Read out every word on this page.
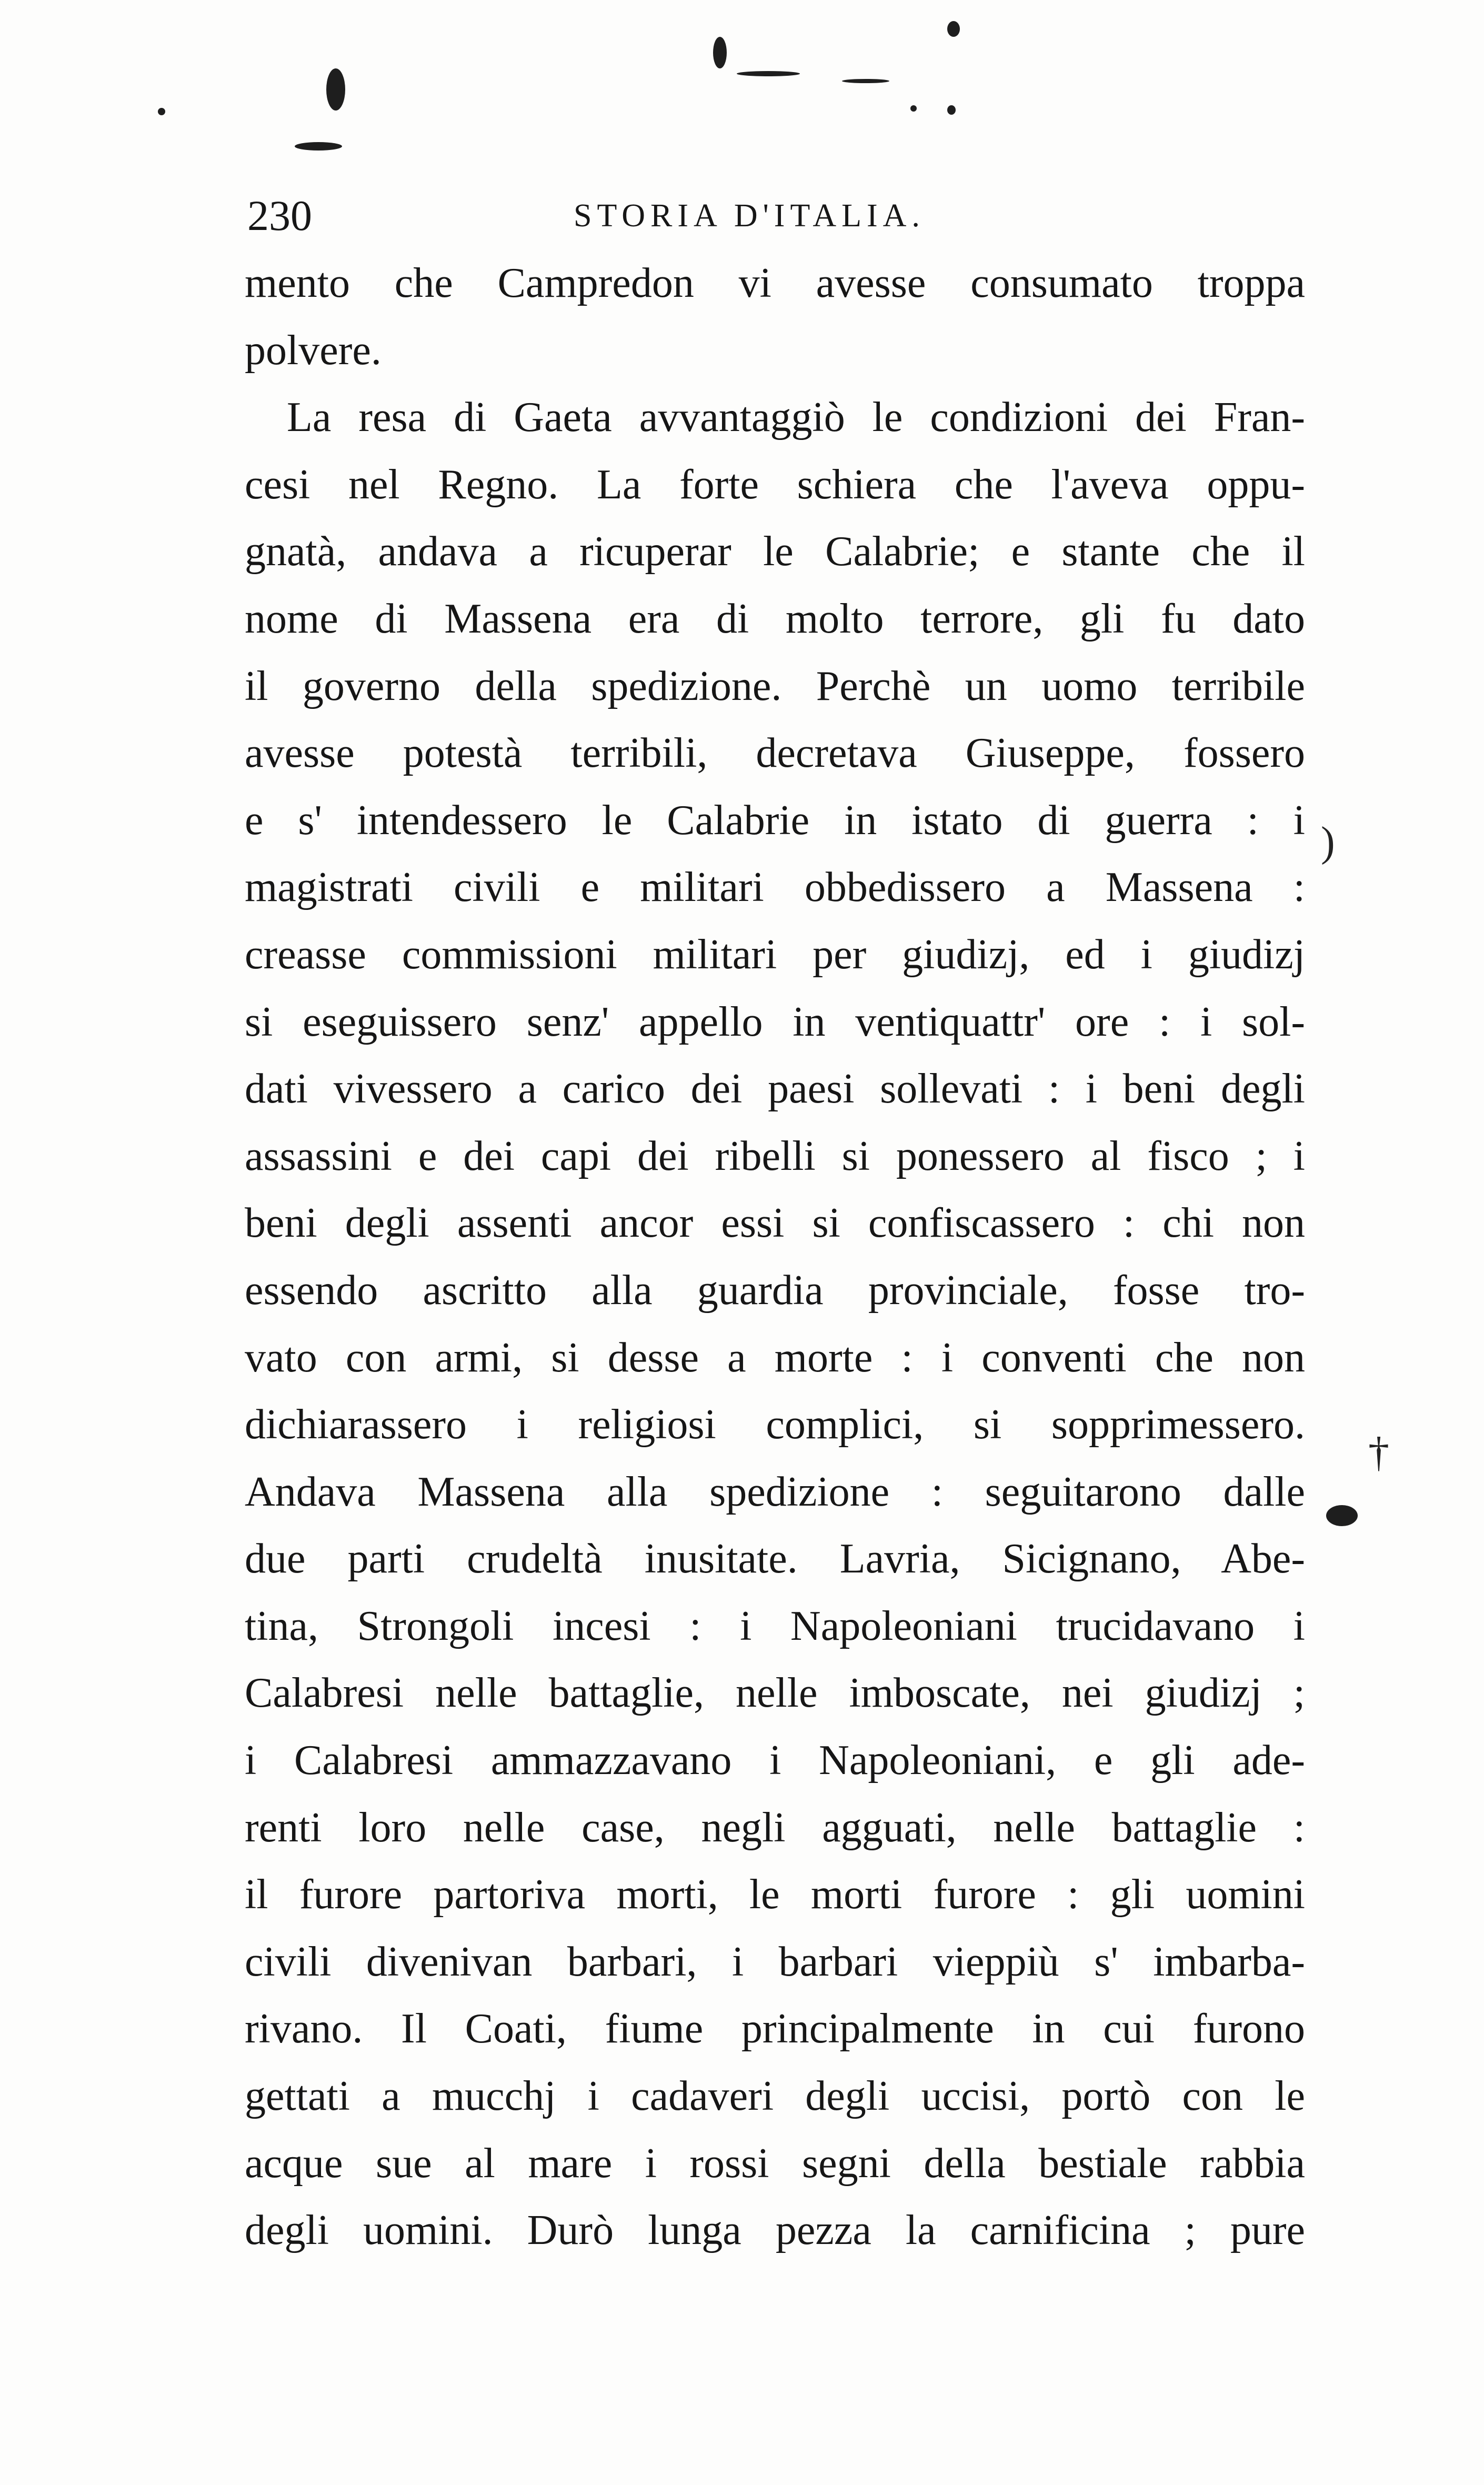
)
†
230	STORIA D'ITALIA.
mento che Campredon vi avesse consumato troppa
polvere.
La resa di Gaeta avvantaggiò le condizioni dei Fran-
cesi nel Regno. La forte schiera che l'aveva oppu-
gnatà, andava a ricuperar le Calabrie; e stante che il
nome di Massena era di molto terrore, gli fu dato
il governo della spedizione. Perchè un uomo terribile
avesse potestà terribili, decretava Giuseppe, fossero
e s' intendessero le Calabrie in istato di guerra : i
magistrati civili e militari obbedissero a Massena :
creasse commissioni militari per giudizj, ed i giudizj
si eseguissero senz' appello in ventiquattr' ore : i sol-
dati vivessero a carico dei paesi sollevati : i beni degli
assassini e dei capi dei ribelli si ponessero al fisco ; i
beni degli assenti ancor essi si confiscassero : chi non
essendo ascritto alla guardia provinciale, fosse tro-
vato con armi, si desse a morte : i conventi che non
dichiarassero i religiosi complici, si sopprimessero.
Andava Massena alla spedizione : seguitarono dalle
due parti crudeltà inusitate. Lavria, Sicignano, Abe-
tina, Strongoli incesi : i Napoleoniani trucidavano i
Calabresi nelle battaglie, nelle imboscate, nei giudizj ;
i Calabresi ammazzavano i Napoleoniani, e gli ade-
renti loro nelle case, negli agguati, nelle battaglie :
il furore partoriva morti, le morti furore : gli uomini
civili divenivan barbari, i barbari vieppiù s' imbarba-
rivano. Il Coati, fiume principalmente in cui furono
gettati a mucchj i cadaveri degli uccisi, portò con le
acque sue al mare i rossi segni della bestiale rabbia
degli uomini. Durò lunga pezza la carnificina ; pure
